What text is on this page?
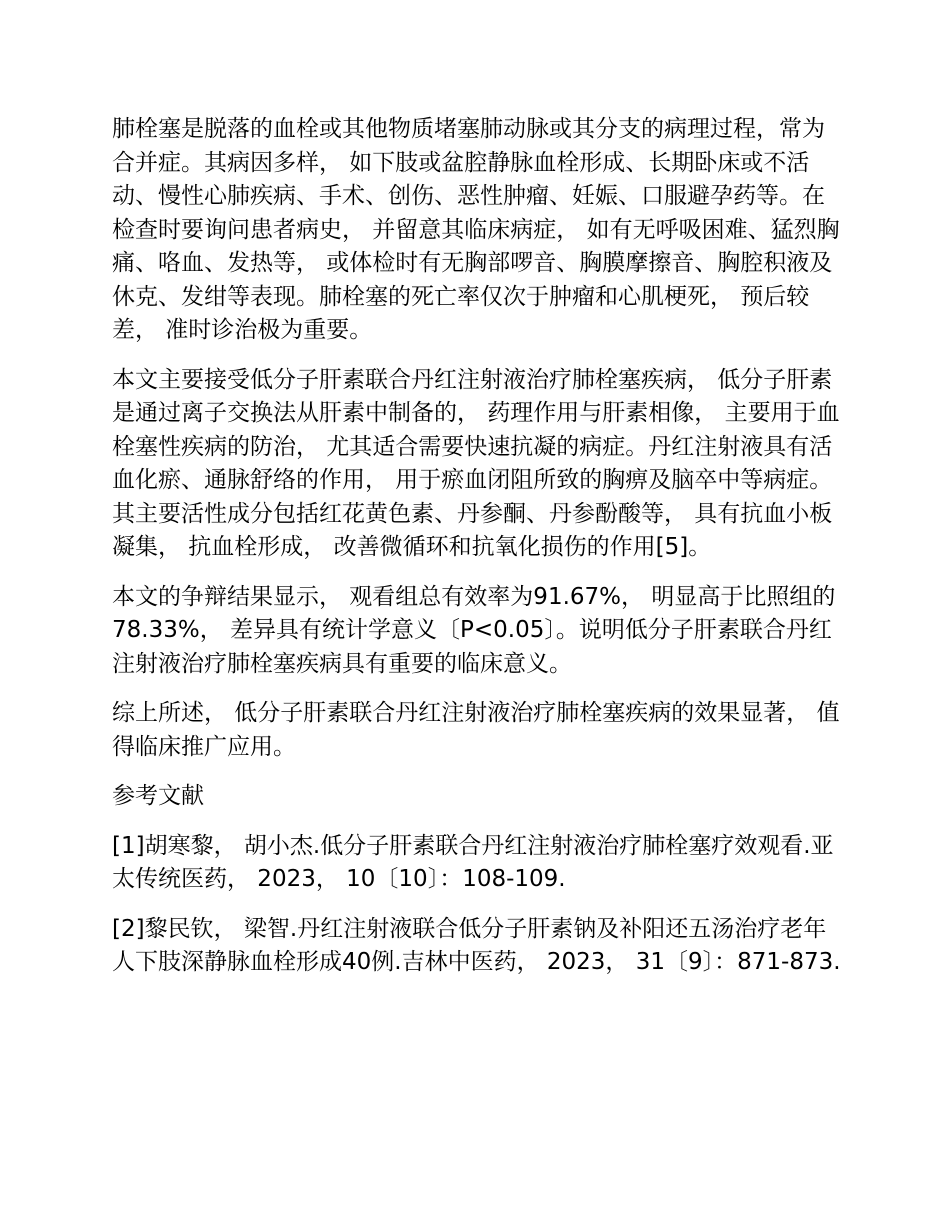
肺栓塞是脱落的血栓或其他物质堵塞肺动脉或其分支的病理过程，常为合并症。其病因多样， 如下肢或盆腔静脉血栓形成、长期卧床或不活动、慢性心肺疾病、手术、创伤、恶性肿瘤、妊娠、口服避孕药等。在检查时要询问患者病史， 并留意其临床病症， 如有无呼吸困难、猛烈胸痛、咯血、发热等， 或体检时有无胸部啰音、胸膜摩擦音、胸腔积液及休克、发绀等表现。肺栓塞的死亡率仅次于肿瘤和心肌梗死， 预后较差， 准时诊治极为重要。

本文主要接受低分子肝素联合丹红注射液治疗肺栓塞疾病， 低分子肝素是通过离子交换法从肝素中制备的， 药理作用与肝素相像， 主要用于血栓塞性疾病的防治， 尤其适合需要快速抗凝的病症。丹红注射液具有活血化瘀、通脉舒络的作用， 用于瘀血闭阻所致的胸痹及脑卒中等病症。其主要活性成分包括红花黄色素、丹参酮、丹参酚酸等， 具有抗血小板凝集， 抗血栓形成， 改善微循环和抗氧化损伤的作用[5]。

本文的争辩结果显示， 观看组总有效率为91.67%， 明显高于比照组的78.33%， 差异具有统计学意义〔P<0.05〕。说明低分子肝素联合丹红注射液治疗肺栓塞疾病具有重要的临床意义。

综上所述， 低分子肝素联合丹红注射液治疗肺栓塞疾病的效果显著， 值得临床推广应用。

参考文献

[1]胡寒黎， 胡小杰.低分子肝素联合丹红注射液治疗肺栓塞疗效观看.亚太传统医药， 2023， 10〔10〕：108-109.

[2]黎民钦， 梁智.丹红注射液联合低分子肝素钠及补阳还五汤治疗老年人下肢深静脉血栓形成40例.吉林中医药， 2023， 31〔9〕：871-873.
